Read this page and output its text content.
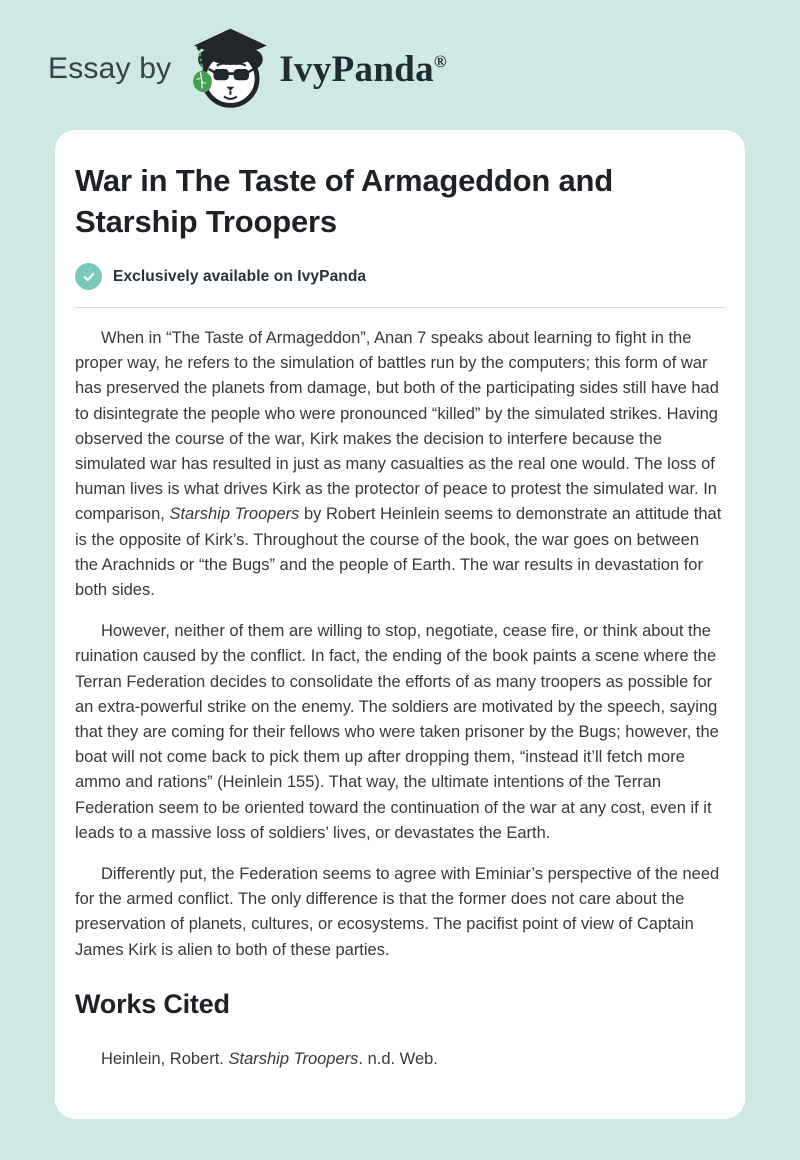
Essay by	IvyPanda®
War in The Taste of Armageddon and Starship Troopers
Exclusively available on IvyPanda

When in “The Taste of Armageddon”, Anan 7 speaks about learning to fight in the proper way, he refers to the simulation of battles run by the computers; this form of war has preserved the planets from damage, but both of the participating sides still have had to disintegrate the people who were pronounced “killed” by the simulated strikes. Having observed the course of the war, Kirk makes the decision to interfere because the simulated war has resulted in just as many casualties as the real one would. The loss of human lives is what drives Kirk as the protector of peace to protest the simulated war. In comparison, Starship Troopers by Robert Heinlein seems to demonstrate an attitude that is the opposite of Kirk’s. Throughout the course of the book, the war goes on between the Arachnids or “the Bugs” and the people of Earth. The war results in devastation for both sides.

However, neither of them are willing to stop, negotiate, cease fire, or think about the ruination caused by the conflict. In fact, the ending of the book paints a scene where the Terran Federation decides to consolidate the efforts of as many troopers as possible for an extra-powerful strike on the enemy. The soldiers are motivated by the speech, saying that they are coming for their fellows who were taken prisoner by the Bugs; however, the boat will not come back to pick them up after dropping them, “instead it’ll fetch more ammo and rations” (Heinlein 155). That way, the ultimate intentions of the Terran Federation seem to be oriented toward the continuation of the war at any cost, even if it leads to a massive loss of soldiers’ lives, or devastates the Earth.

Differently put, the Federation seems to agree with Eminiar’s perspective of the need for the armed conflict. The only difference is that the former does not care about the preservation of planets, cultures, or ecosystems. The pacifist point of view of Captain James Kirk is alien to both of these parties.

Works Cited

Heinlein, Robert. Starship Troopers. n.d. Web.
